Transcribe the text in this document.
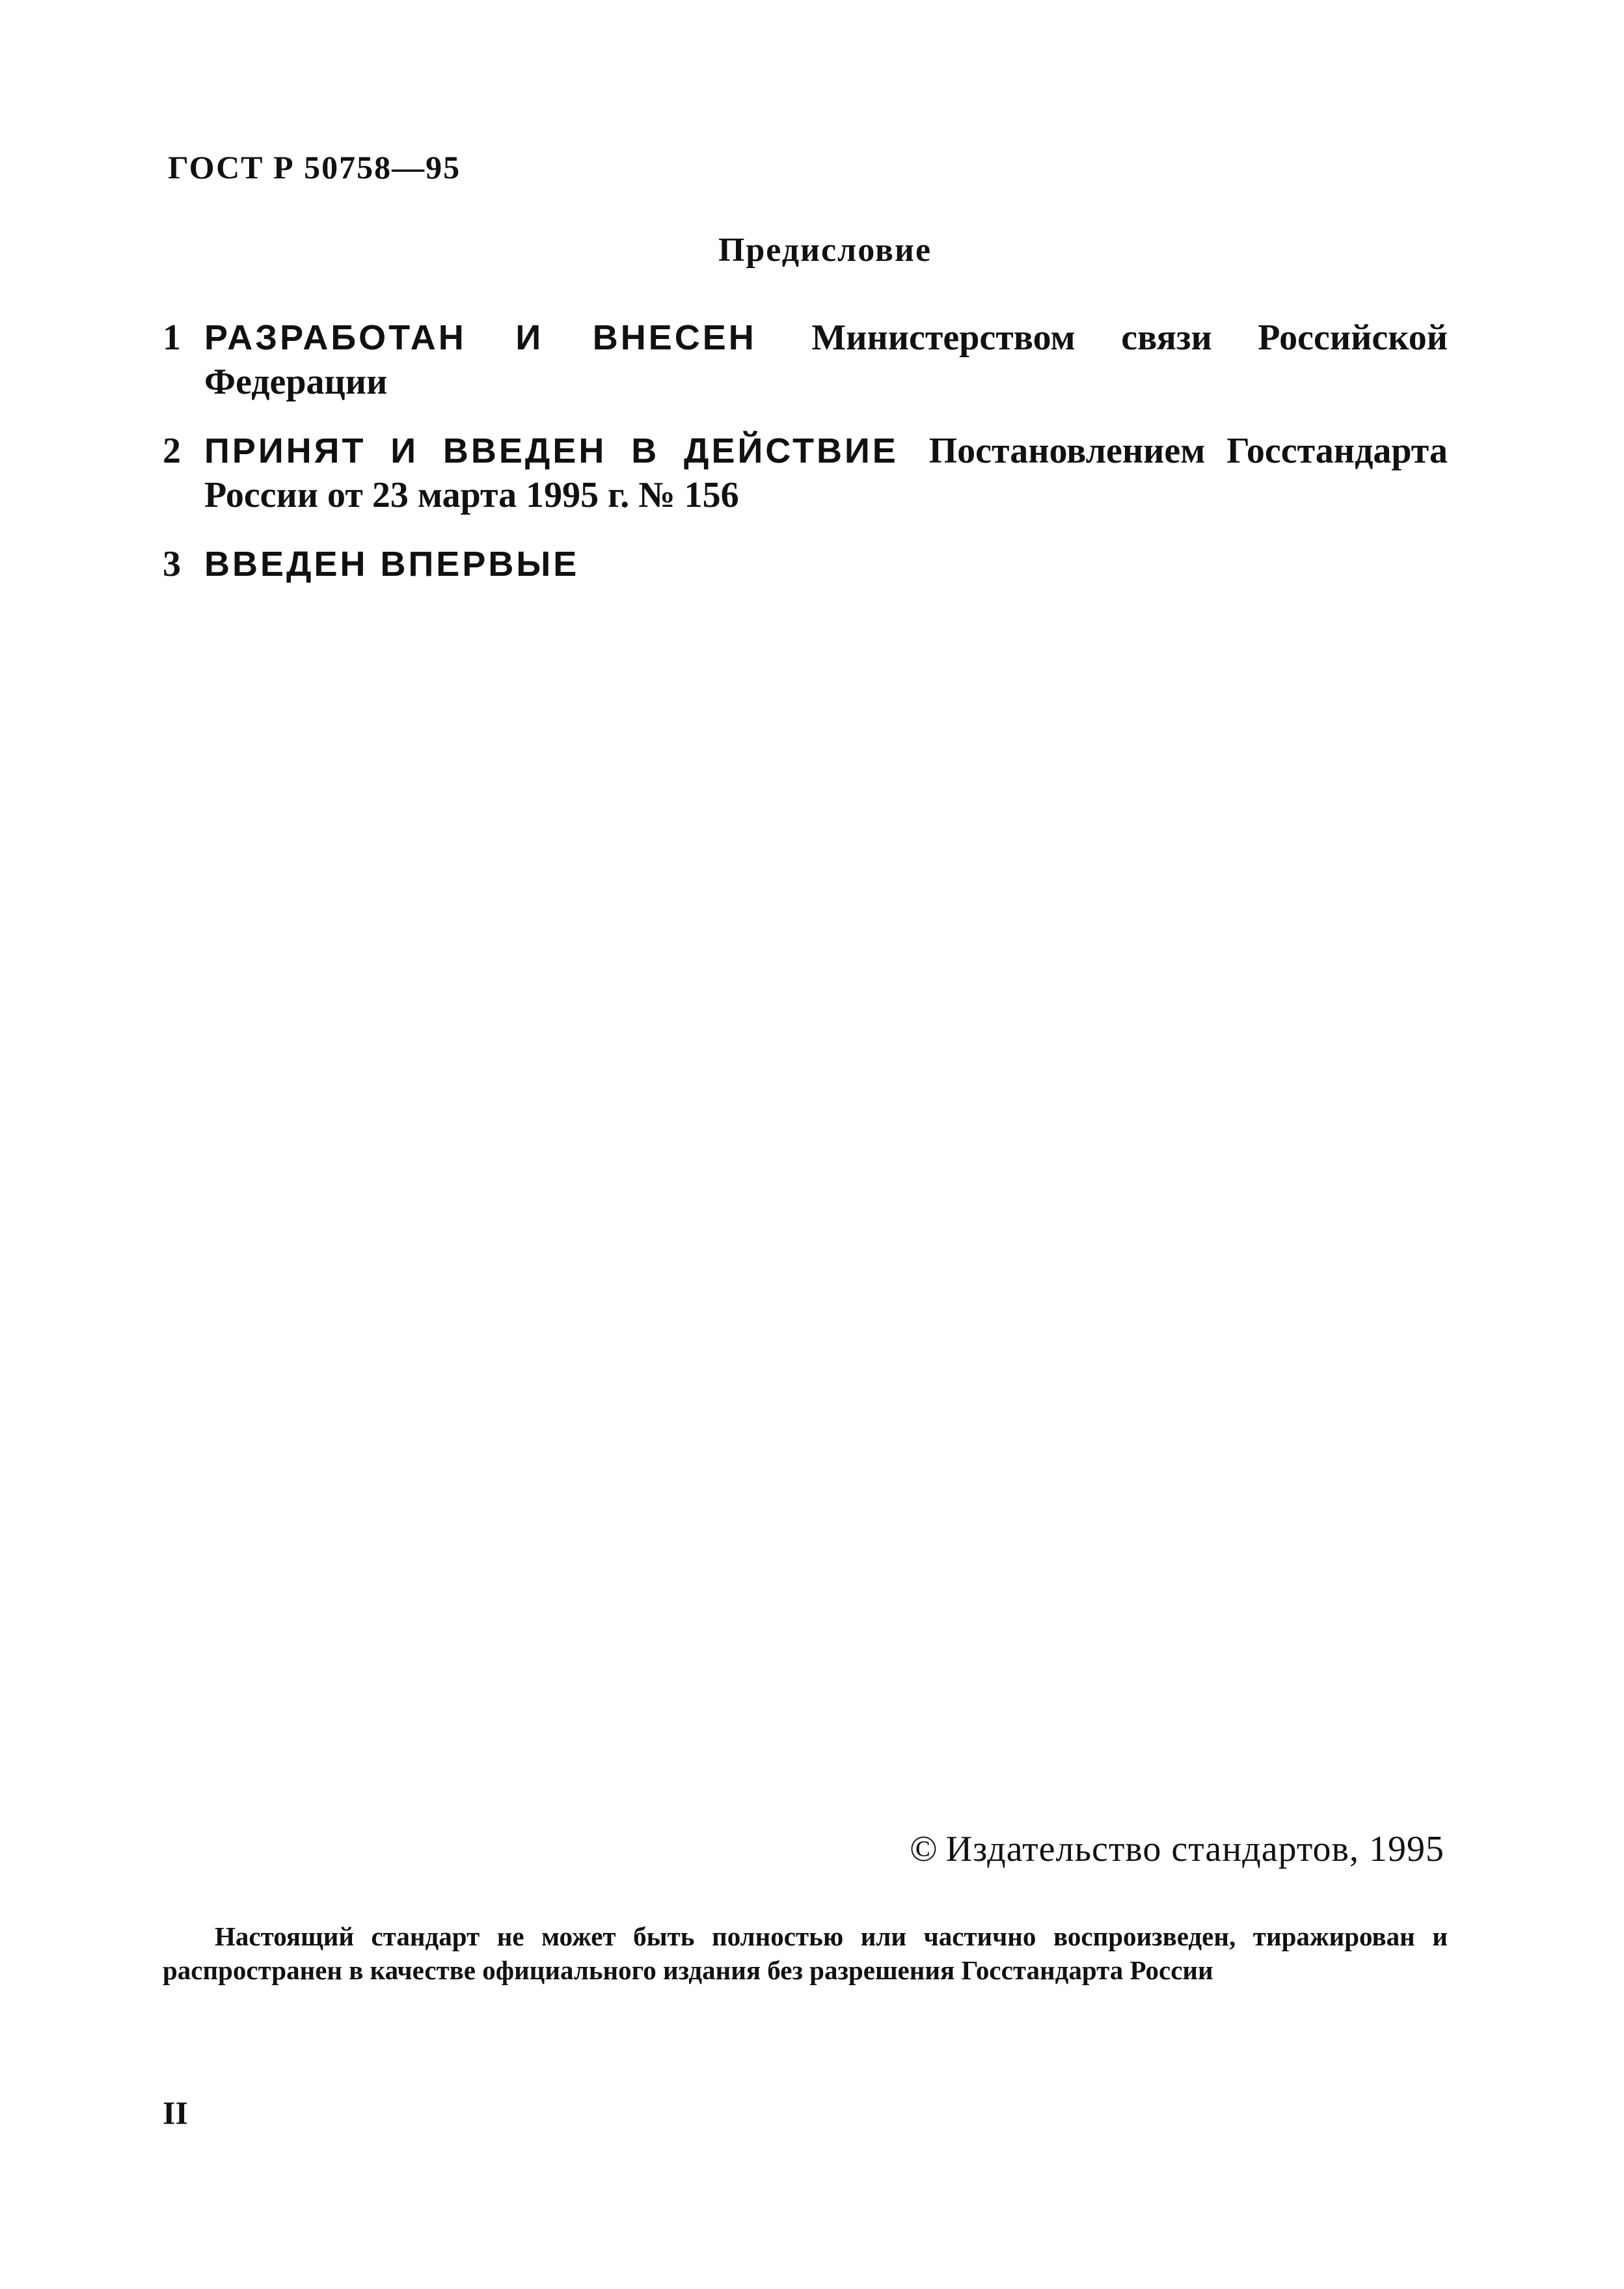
ГОСТ Р 50758—95
Предисловие
1 РАЗРАБОТАН И ВНЕСЕН Министерством связи Российской Федерации
2 ПРИНЯТ И ВВЕДЕН В ДЕЙСТВИЕ Постановлением Госстандарта России от 23 марта 1995 г. № 156
3 ВВЕДЕН ВПЕРВЫЕ
© Издательство стандартов, 1995
Настоящий стандарт не может быть полностью или частично воспроизведен, тиражирован и распространен в качестве официального издания без разрешения Госстандарта России
II
